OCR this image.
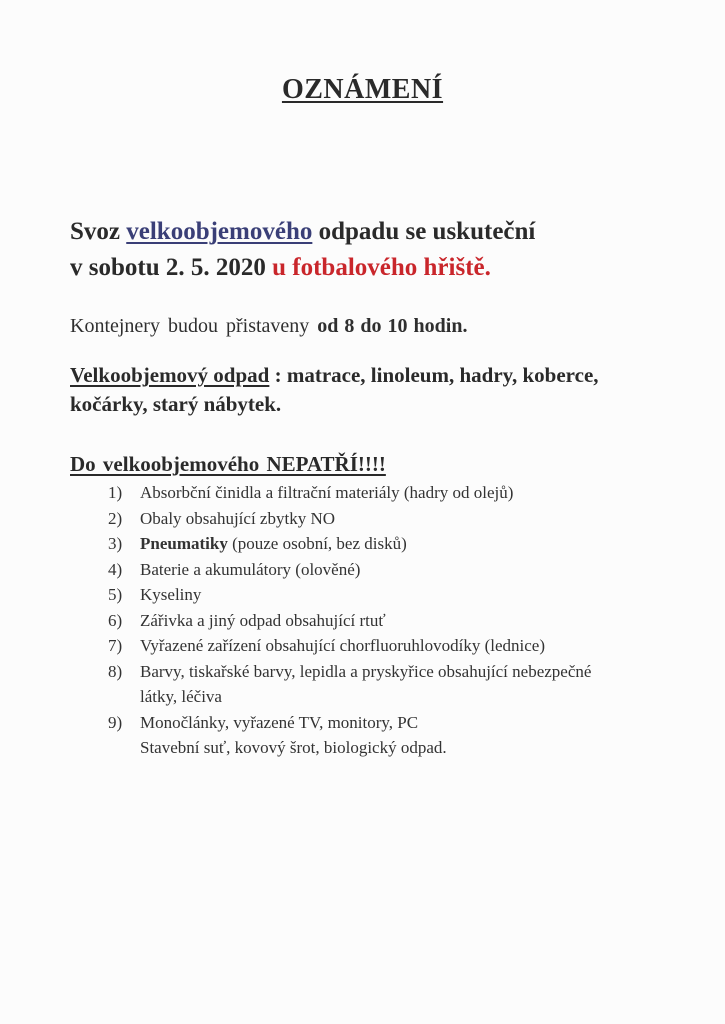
OZNÁMENÍ
Svoz velkoobjemového odpadu se uskuteční
v sobotu 2. 5. 2020 u fotbalového hřiště.
Kontejnery budou přistaveny od 8 do 10 hodin.
Velkoobjemový odpad : matrace, linoleum, hadry, koberce, kočárky, starý nábytek.
Do velkoobjemového NEPATŘÍ!!!!
1)	Absorbční činidla a filtrační materiály (hadry od olejů)
2)	Obaly obsahující zbytky NO
3)	Pneumatiky (pouze osobní, bez disků)
4)	Baterie a akumulátory (olověné)
5)	Kyseliny
6)	Zářivka a jiný odpad obsahující rtuť
7)	Vyřazené zařízení obsahující chorfluoruhlovodíky (lednice)
8)	Barvy, tiskařské barvy, lepidla a pryskyřice obsahující nebezpečné
látky, léčiva
9)	Monočlánky, vyřazené TV, monitory, PC
Stavební suť, kovový šrot, biologický odpad.
